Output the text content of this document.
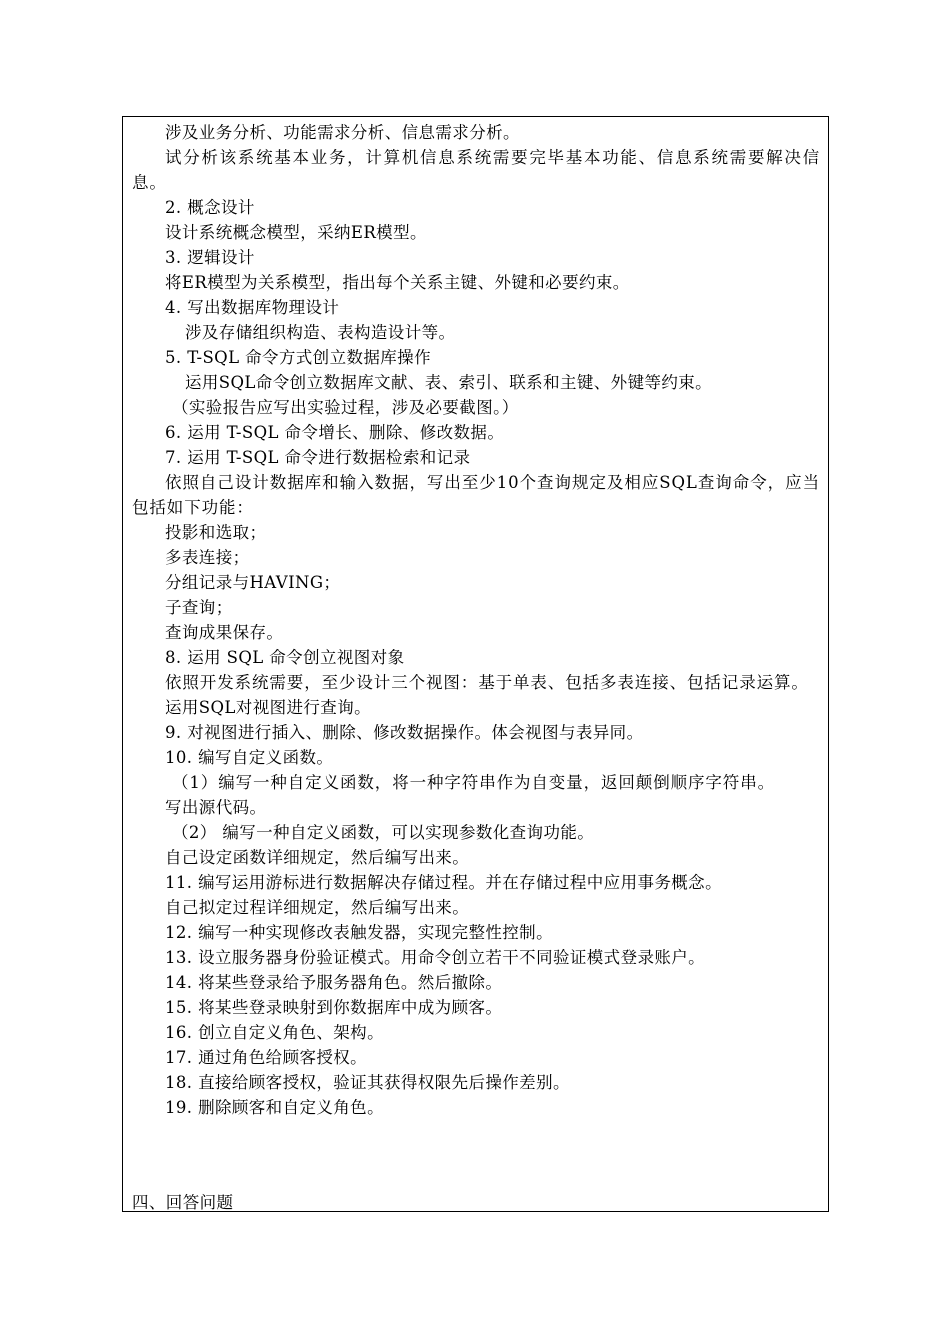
涉及业务分析、功能需求分析、信息需求分析。

试分析该系统基本业务，计算机信息系统需要完毕基本功能、信息系统需要解决信息。

2. 概念设计

设计系统概念模型，采纳ER模型。

3. 逻辑设计

将ER模型为关系模型，指出每个关系主键、外键和必要约束。

4. 写出数据库物理设计

涉及存储组织构造、表构造设计等。

5. T-SQL 命令方式创立数据库操作

运用SQL命令创立数据库文献、表、索引、联系和主键、外键等约束。

（实验报告应写出实验过程，涉及必要截图。）

6. 运用 T-SQL 命令增长、删除、修改数据。

7. 运用 T-SQL 命令进行数据检索和记录

依照自己设计数据库和输入数据，写出至少10个查询规定及相应SQL查询命令，应当包括如下功能：

投影和选取；

多表连接；

分组记录与HAVING；

子查询；

查询成果保存。

8. 运用 SQL 命令创立视图对象

依照开发系统需要，至少设计三个视图：基于单表、包括多表连接、包括记录运算。

运用SQL对视图进行查询。

9. 对视图进行插入、删除、修改数据操作。体会视图与表异同。

10. 编写自定义函数。

（1）编写一种自定义函数，将一种字符串作为自变量，返回颠倒顺序字符串。

写出源代码。

（2） 编写一种自定义函数，可以实现参数化查询功能。

自己设定函数详细规定，然后编写出来。

11. 编写运用游标进行数据解决存储过程。并在存储过程中应用事务概念。

自己拟定过程详细规定，然后编写出来。

12. 编写一种实现修改表触发器，实现完整性控制。

13. 设立服务器身份验证模式。用命令创立若干不同验证模式登录账户。

14. 将某些登录给予服务器角色。然后撤除。

15. 将某些登录映射到你数据库中成为顾客。

16. 创立自定义角色、架构。

17. 通过角色给顾客授权。

18. 直接给顾客授权，验证其获得权限先后操作差别。

19. 删除顾客和自定义角色。

四、回答问题
